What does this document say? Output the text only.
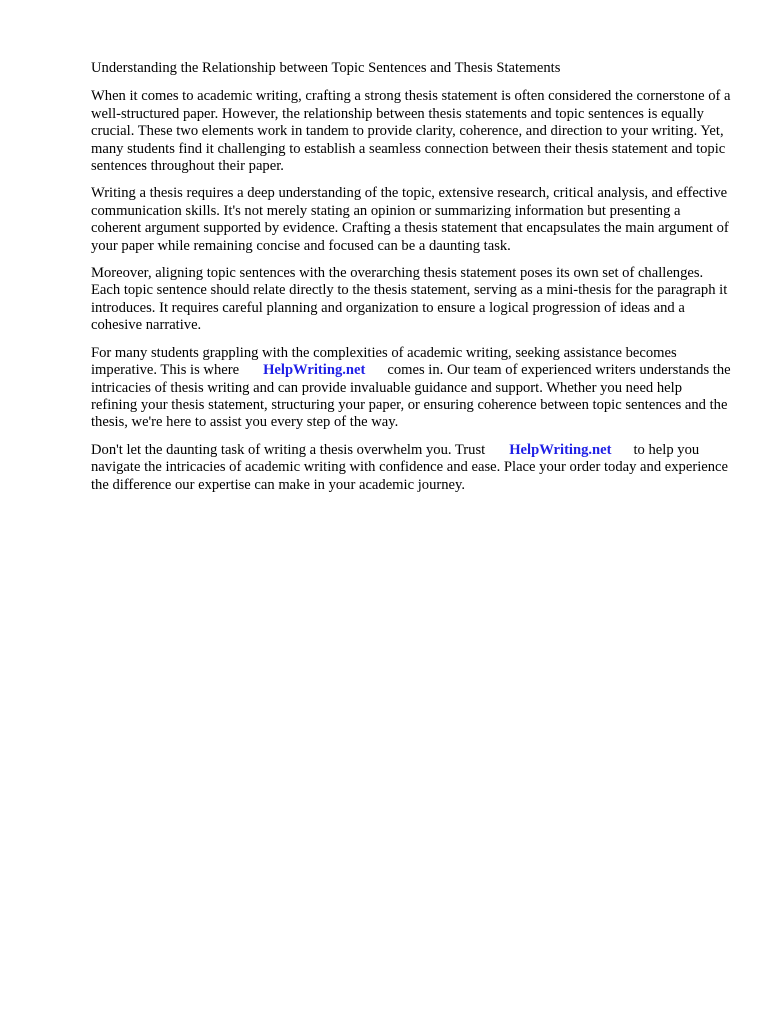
Understanding the Relationship between Topic Sentences and Thesis Statements

When it comes to academic writing, crafting a strong thesis statement is often considered the cornerstone of a well-structured paper. However, the relationship between thesis statements and topic sentences is equally crucial. These two elements work in tandem to provide clarity, coherence, and direction to your writing. Yet, many students find it challenging to establish a seamless connection between their thesis statement and topic sentences throughout their paper.

Writing a thesis requires a deep understanding of the topic, extensive research, critical analysis, and effective communication skills. It's not merely stating an opinion or summarizing information but presenting a coherent argument supported by evidence. Crafting a thesis statement that encapsulates the main argument of your paper while remaining concise and focused can be a daunting task.

Moreover, aligning topic sentences with the overarching thesis statement poses its own set of challenges. Each topic sentence should relate directly to the thesis statement, serving as a mini-thesis for the paragraph it introduces. It requires careful planning and organization to ensure a logical progression of ideas and a cohesive narrative.

For many students grappling with the complexities of academic writing, seeking assistance becomes imperative. This is where HelpWriting.net comes in. Our team of experienced writers understands the intricacies of thesis writing and can provide invaluable guidance and support. Whether you need help refining your thesis statement, structuring your paper, or ensuring coherence between topic sentences and the thesis, we're here to assist you every step of the way.

Don't let the daunting task of writing a thesis overwhelm you. Trust HelpWriting.net to help you navigate the intricacies of academic writing with confidence and ease. Place your order today and experience the difference our expertise can make in your academic journey.
